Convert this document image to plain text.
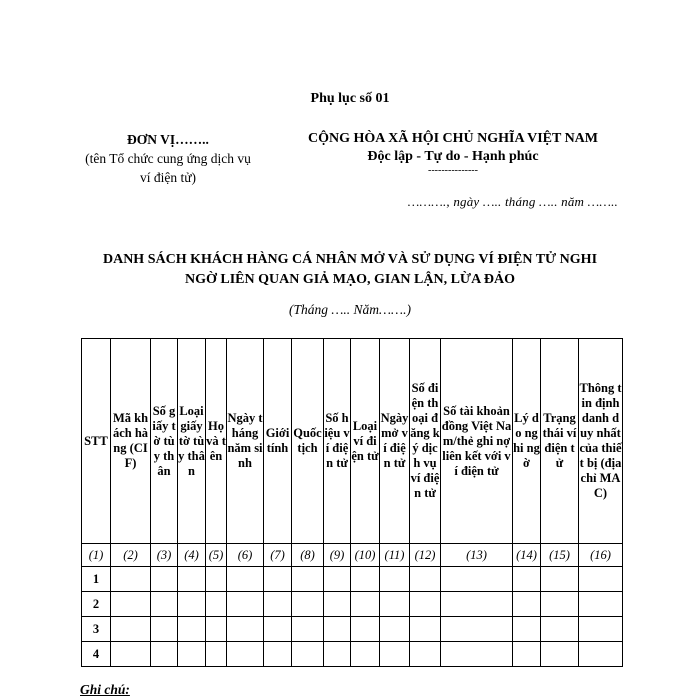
Phụ lục số 01
ĐƠN VỊ……..
(tên Tổ chức cung ứng dịch vụ
ví điện tử)
CỘNG HÒA XÃ HỘI CHỦ NGHĨA VIỆT NAM
Độc lập - Tự do - Hạnh phúc
---------------
………., ngày ….. tháng ….. năm ……..
DANH SÁCH KHÁCH HÀNG CÁ NHÂN MỞ VÀ SỬ DỤNG VÍ ĐIỆN TỬ NGHI
NGỜ LIÊN QUAN GIẢ MẠO, GIAN LẬN, LỪA ĐẢO
(Tháng ….. Năm…….)
STT	Mã khách hàng (CIF)	Số giấy tờ tùy thân	Loại giấy tờ tùy thân	Họ và tên	Ngày tháng năm sinh	Giới tính	Quốc tịch	Số hiệu ví điện tử	Loại ví điện tử	Ngày mở ví điện tử	Số điện thoại đăng ký dịch vụ ví điện tử	Số tài khoản đồng Việt Nam/thẻ ghi nợ liên kết với ví điện tử	Lý do nghi ngờ	Trạng thái ví điện tử	Thông tin định danh duy nhất của thiết bị (địa chỉ MAC)
(1)	(2)	(3)	(4)	(5)	(6)	(7)	(8)	(9)	(10)	(11)	(12)	(13)	(14)	(15)	(16)
1															
2															
3															
4															
Ghi chú:
